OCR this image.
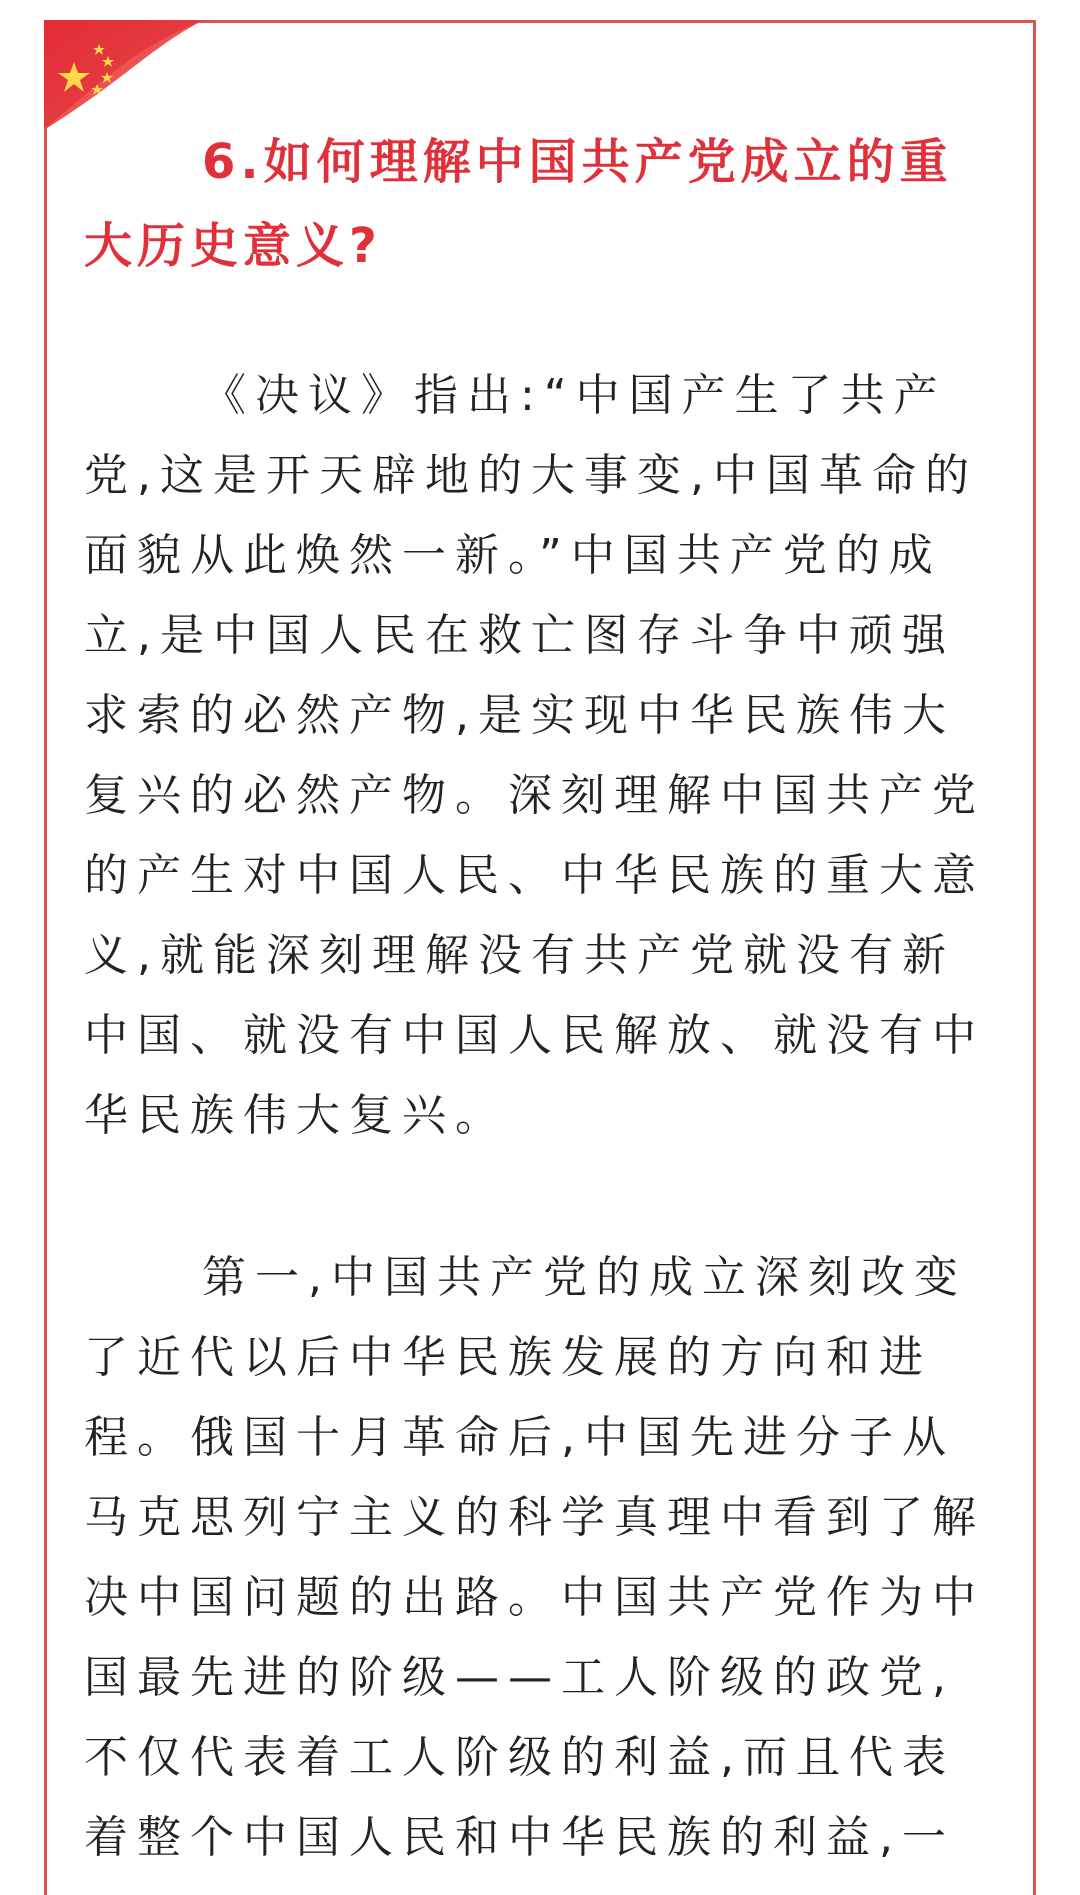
6.如何理解中国共产党成立的重大历史意义?

《决议》指出:“中国产生了共产党,这是开天辟地的大事变,中国革命的面貌从此焕然一新。”中国共产党的成立,是中国人民在救亡图存斗争中顽强求索的必然产物,是实现中华民族伟大复兴的必然产物。深刻理解中国共产党的产生对中国人民、中华民族的重大意义,就能深刻理解没有共产党就没有新中国、就没有中国人民解放、就没有中华民族伟大复兴。

第一,中国共产党的成立深刻改变了近代以后中华民族发展的方向和进程。俄国十月革命后,中国先进分子从马克思列宁主义的科学真理中看到了解决中国问题的出路。中国共产党作为中国最先进的阶级——工人阶级的政党,不仅代表着工人阶级的利益,而且代表着整个中国人民和中华民族的利益,一
